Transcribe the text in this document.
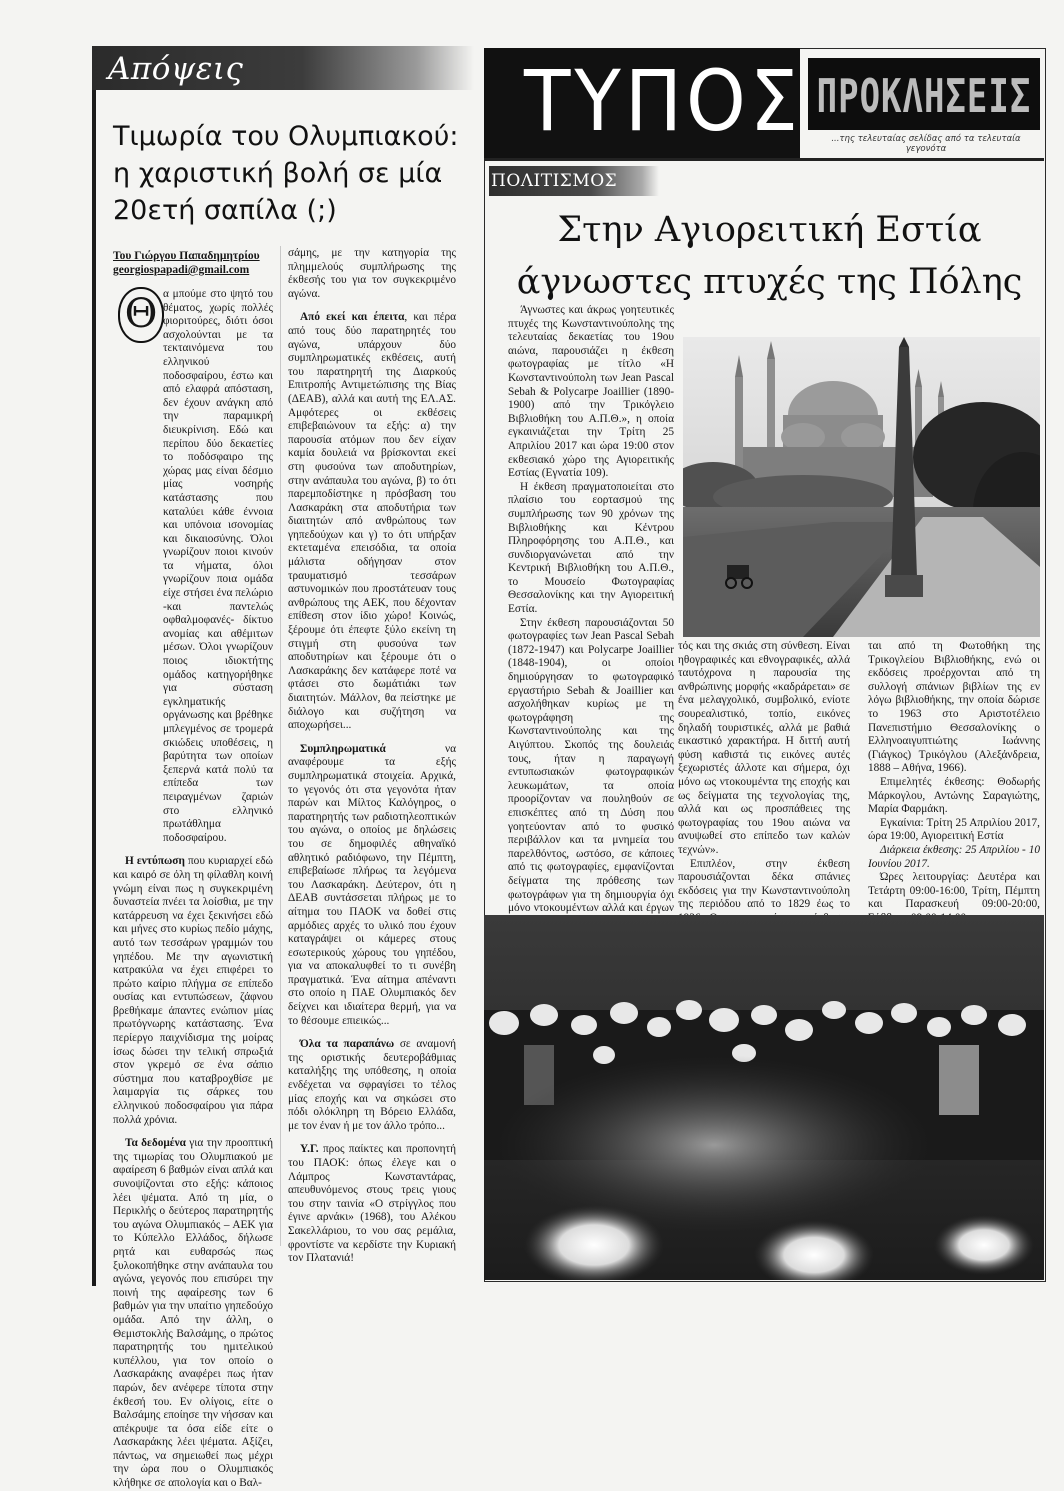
Απόψεις
Τιμωρία του Ολυμπιακού:
η χαριστική βολή σε μία
20ετή σαπίλα (;)
Του Γιώργου Παπαδημητρίου
georgiospapadi@gmail.com
Θ α μπούμε στο ψητό του θέματος, χωρίς πολλές φιοριτούρες, διότι όσοι ασχολούνται με τα τεκταινόμενα του ελληνικού ποδοσφαίρου, έστω και από ελαφρά απόσταση, δεν έχουν ανάγκη από την παραμικρή διευκρίνιση. Εδώ και περίπου δύο δεκαετίες το ποδόσφαιρο της χώρας μας είναι δέσμιο μίας νοσηρής κατάστασης που καταλύει κάθε έννοια και υπόνοια ισονομίας και δικαιοσύνης. Όλοι γνωρίζουν ποιοι κινούν τα νήματα, όλοι γνωρίζουν ποια ομάδα είχε στήσει ένα πελώριο -και παντελώς οφθαλμοφανές- δίκτυο ανομίας και αθέμιτων μέσων. Όλοι γνωρίζουν ποιος ιδιοκτήτης ομάδος κατηγορήθηκε για σύσταση εγκληματικής οργάνωσης και βρέθηκε μπλεγμένος σε τρομερά σκιώδεις υποθέσεις, η βαρύτητα των οποίων ξεπερνά κατά πολύ τα επίπεδα των πειραγμένων ζαριών στο ελληνικό πρωτάθλημα ποδοσφαίρου.

Η εντύπωση που κυριαρχεί εδώ και καιρό σε όλη τη φίλαθλη κοινή γνώμη είναι πως η συγκεκριμένη δυναστεία πνέει τα λοίσθια, με την κατάρρευση να έχει ξεκινήσει εδώ και μήνες στο κυρίως πεδίο μάχης, αυτό των τεσσάρων γραμμών του γηπέδου. Με την αγωνιστική κατρακύλα να έχει επιφέρει το πρώτο καίριο πλήγμα σε επίπεδο ουσίας και εντυπώσεων, ζάφνου βρεθήκαμε άπαντες ενώπιον μίας πρωτόγνωρης κατάστασης. Ένα περίεργο παιχνίδισμα της μοίρας ίσως δώσει την τελική σπρωξιά στον γκρεμό σε ένα σάπιο σύστημα που καταβροχθίσε με λαιμαργία τις σάρκες του ελληνικού ποδοσφαίρου για πάρα πολλά χρόνια.

Τα δεδομένα για την προοπτική της τιμωρίας του Ολυμπιακού με αφαίρεση 6 βαθμών είναι απλά και συνοψίζονται στο εξής: κάποιος λέει ψέματα. Από τη μία, ο Περικλής ο δεύτερος παρατηρητής του αγώνα Ολυμπιακός – ΑΕΚ για το Κύπελλο Ελλάδος, δήλωσε ρητά και ευθαρσώς πως ξυλοκοπήθηκε στην ανάπαυλα του αγώνα, γεγονός που επισύρει την ποινή της αφαίρεσης των 6 βαθμών για την υπαίτιο γηπεδούχο ομάδα. Από την άλλη, ο Θεμιστοκλής Βαλσάμης, ο πρώτος παρατηρητής του ημιτελικού κυπέλλου, για τον οποίο ο Λασκαράκης αναφέρει πως ήταν παρών, δεν ανέφερε τίποτα στην έκθεσή του. Εν ολίγοις, είτε ο Βαλσάμης εποίησε την νήσσαν και απέκρυψε τα όσα είδε είτε ο Λασκαράκης λέει ψέματα. Αξίζει, πάντως, να σημειωθεί πως μέχρι την ώρα που ο Ολυμπιακός κλήθηκε σε απολογία και ο Βαλ-

σάμης, με την κατηγορία της πλημμελούς συμπλήρωσης της έκθεσής του για τον συγκεκριμένο αγώνα.

Από εκεί και έπειτα, και πέρα από τους δύο παρατηρητές του αγώνα, υπάρχουν δύο συμπληρωματικές εκθέσεις, αυτή του παρατηρητή της Διαρκούς Επιτροπής Αντιμετώπισης της Βίας (ΔΕΑΒ), αλλά και αυτή της ΕΛ.ΑΣ. Αμφότερες οι εκθέσεις επιβεβαιώνουν τα εξής: α) την παρουσία ατόμων που δεν είχαν καμία δουλειά να βρίσκονται εκεί στη φυσούνα των αποδυτηρίων, στην ανάπαυλα του αγώνα, β) το ότι παρεμποδίστηκε η πρόσβαση του Λασκαράκη στα αποδυτήρια των διαιτητών από ανθρώπους των γηπεδούχων και γ) το ότι υπήρξαν εκτεταμένα επεισόδια, τα οποία μάλιστα οδήγησαν στον τραυματισμό τεσσάρων αστυνομικών που προστάτευαν τους ανθρώπους της ΑΕΚ, που δέχονταν επίθεση στον ίδιο χώρο! Κοινώς, ξέρουμε ότι έπεφτε ξύλο εκείνη τη στιγμή στη φυσούνα των αποδυτηρίων και ξέρουμε ότι ο Λασκαράκης δεν κατάφερε ποτέ να φτάσει στο δωμάτιάκι των διαιτητών. Μάλλον, θα πείστηκε με διάλογο και συζήτηση να αποχωρήσει...

Συμπληρωματικά να αναφέρουμε τα εξής συμπληρωματικά στοιχεία. Αρχικά, το γεγονός ότι στα γεγονότα ήταν παρών και Μίλτος Καλόγηρος, ο παρατηρητής των ραδιοτηλεοπτικών του αγώνα, ο οποίος με δηλώσεις του σε δημοφιλές αθηναϊκό αθλητικό ραδιόφωνο, την Πέμπτη, επιβεβαίωσε πλήρως τα λεγόμενα του Λασκαράκη. Δεύτερον, ότι η ΔΕΑΒ συντάσσεται πλήρως με το αίτημα του ΠΑΟΚ να δοθεί στις αρμόδιες αρχές το υλικό που έχουν καταγράψει οι κάμερες στους εσωτερικούς χώρους του γηπέδου, για να αποκαλυφθεί το τι συνέβη πραγματικά. Ένα αίτημα απέναντι στο οποίο η ΠΑΕ Ολυμπιακός δεν δείχνει και ιδιαίτερα θερμή, για να το θέσουμε επιεικώς...

Όλα τα παραπάνω σε αναμονή της οριστικής δευτεροβάθμιας καταλήξης της υπόθεσης, η οποία ενδέχεται να σφραγίσει το τέλος μίας εποχής και να σηκώσει στο πόδι ολόκληρη τη Βόρειο Ελλάδα, με τον έναν ή με τον άλλο τρόπο...

Υ.Γ. προς παίκτες και προπονητή του ΠΑΟΚ: όπως έλεγε και ο Λάμπρος Κωνσταντάρας, απευθυνόμενος στους τρεις γιους του στην ταινία «Ο στρίγγλος που έγινε αρνάκι» (1968), του Αλέκου Σακελλάριου, το νου σας ρεμάλια, φροντίστε να κερδίστε την Κυριακή τον Πλατανιά!

ΤΥΠΟΣ ΠΡΟΚΛΗΣΕΙΣ
...της τελευταίας σελίδας από τα τελευταία γεγονότα
ΠΟΛΙΤΙΣΜΟΣ
Στην Αγιορειτική Εστία
άγνωστες πτυχές της Πόλης

Άγνωστες και άκρως γοητευτικές πτυχές της Κωνσταντινούπολης της τελευταίας δεκαετίας του 19ου αιώνα, παρουσιάζει η έκθεση φωτογραφίας με τίτλο «Η Κωνσταντινούπολη των Jean Pascal Sebah & Polycarpe Joaillier (1890-1900) από την Τρικόγλειο Βιβλιοθήκη του Α.Π.Θ.», η οποία εγκαινιάζεται την Τρίτη 25 Απριλίου 2017 και ώρα 19:00 στον εκθεσιακό χώρο της Αγιορειτικής Εστίας (Εγνατία 109).

Η έκθεση πραγματοποιείται στο πλαίσιο του εορτασμού της συμπλήρωσης των 90 χρόνων της Βιβλιοθήκης και Κέντρου Πληροφόρησης του Α.Π.Θ., και συνδιοργανώνεται από την Κεντρική Βιβλιοθήκη του Α.Π.Θ., το Μουσείο Φωτογραφίας Θεσσαλονίκης και την Αγιορειτική Εστία.

Στην έκθεση παρουσιάζονται 50 φωτογραφίες των Jean Pascal Sebah (1872-1947) και Polycarpe Joaillier (1848-1904), οι οποίοι δημιούργησαν το φωτογραφικό εργαστήριο Sebah & Joaillier και ασχολήθηκαν κυρίως με τη φωτογράφηση της Κωνσταντινούπολης και της Αιγύπτου. Σκοπός της δουλειάς τους, ήταν η παραγωγή εντυπωσιακών φωτογραφικών λευκωμάτων, τα οποία προορίζονταν να πουληθούν σε επισκέπτες από τη Δύση που γοητεύονταν από το φυσικό περιβάλλον και τα μνημεία του παρελθόντος, ωστόσο, σε κάποιες από τις φωτογραφίες, εμφανίζονται δείγματα της πρόθεσης των φωτογράφων για τη δημιουργία όχι μόνο ντοκουμέντων αλλά και έργων

τός και της σκιάς στη σύνθεση. Είναι ηθογραφικές και εθνογραφικές, αλλά ταυτόχρονα η παρουσία της ανθρώπινης μορφής «καδράρεται» σε ένα μελαγχολικό, συμβολικό, ενίοτε σουρεαλιστικό, τοπίο, εικόνες δηλαδή τουριστικές, αλλά με βαθιά εικαστικό χαρακτήρα. Η διττή αυτή φύση καθιστά τις εικόνες αυτές ξεχωριστές άλλοτε και σήμερα, όχι μόνο ως ντοκουμέντα της εποχής και ως δείγματα της τεχνολογίας της, αλλά και ως προσπάθειες της φωτογραφίας του 19ου αιώνα να ανυψωθεί στο επίπεδο των καλών τεχνών».

Επιπλέον, στην έκθεση παρουσιάζονται δέκα σπάνιες εκδόσεις για την Κωνσταντινούπολη της περιόδου από το 1829 έως το

ται από τη Φωτοθήκη της Τρικογλείου Βιβλιοθήκης, ενώ οι εκδόσεις προέρχονται από τη συλλογή σπάνιων βιβλίων της εν λόγω βιβλιοθήκης, την οποία δώρισε το 1963 στο Αριστοτέλειο Πανεπιστήμιο Θεσσαλονίκης ο Ελληνοαιγυπτιώτης Ιωάννης (Γιάγκος) Τρικόγλου (Αλεξάνδρεια, 1888 – Αθήνα, 1966).

Επιμελητές έκθεσης: Θοδωρής Μάρκογλου, Αντώνης Σαραγιώτης, Μαρία Φαρμάκη.

Εγκαίνια: Τρίτη 25 Απριλίου 2017, ώρα 19:00, Αγιορειτική Εστία

Διάρκεια έκθεσης: 25 Απριλίου - 10 Ιουνίου 2017.

Ώρες λειτουργίας: Δευτέρα και Τετάρτη 09:00-16:00, Τρίτη, Πέμπτη και Παρασκευή 09:00-20:00,
